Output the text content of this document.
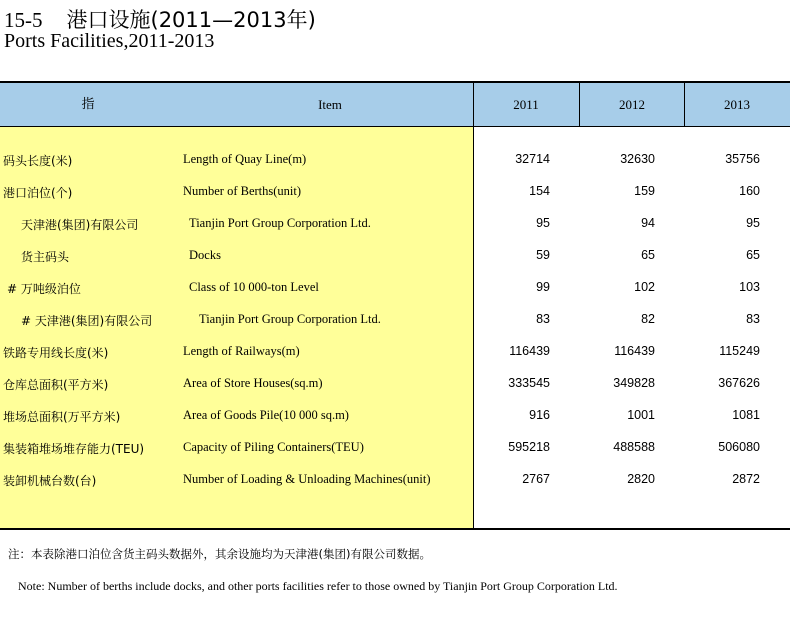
15-5 港口设施(2011—2013年)
Ports Facilities,2011-2013
指	Item	2011	2012	2013
码头长度(米)	Length of Quay Line(m)	32714	32630	35756
港口泊位(个)	Number of Berths(unit)	154	159	160
天津港(集团)有限公司	Tianjin Port Group Corporation Ltd.	95	94	95
货主码头	Docks	59	65	65
# 万吨级泊位	Class of 10 000-ton Level	99	102	103
# 天津港(集团)有限公司	Tianjin Port Group Corporation Ltd.	83	82	83
铁路专用线长度(米)	Length of Railways(m)	116439	116439	115249
仓库总面积(平方米)	Area of Store Houses(sq.m)	333545	349828	367626
堆场总面积(万平方米)	Area of Goods Pile(10 000 sq.m)	916	1001	1081
集装箱堆场堆存能力(TEU)	Capacity of Piling Containers(TEU)	595218	488588	506080
装卸机械台数(台)	Number of Loading & Unloading Machines(unit)	2767	2820	2872
注：本表除港口泊位含货主码头数据外，其余设施均为天津港(集团)有限公司数据。
Note: Number of berths include docks, and other ports facilities refer to those owned by Tianjin Port Group Corporation Ltd.
